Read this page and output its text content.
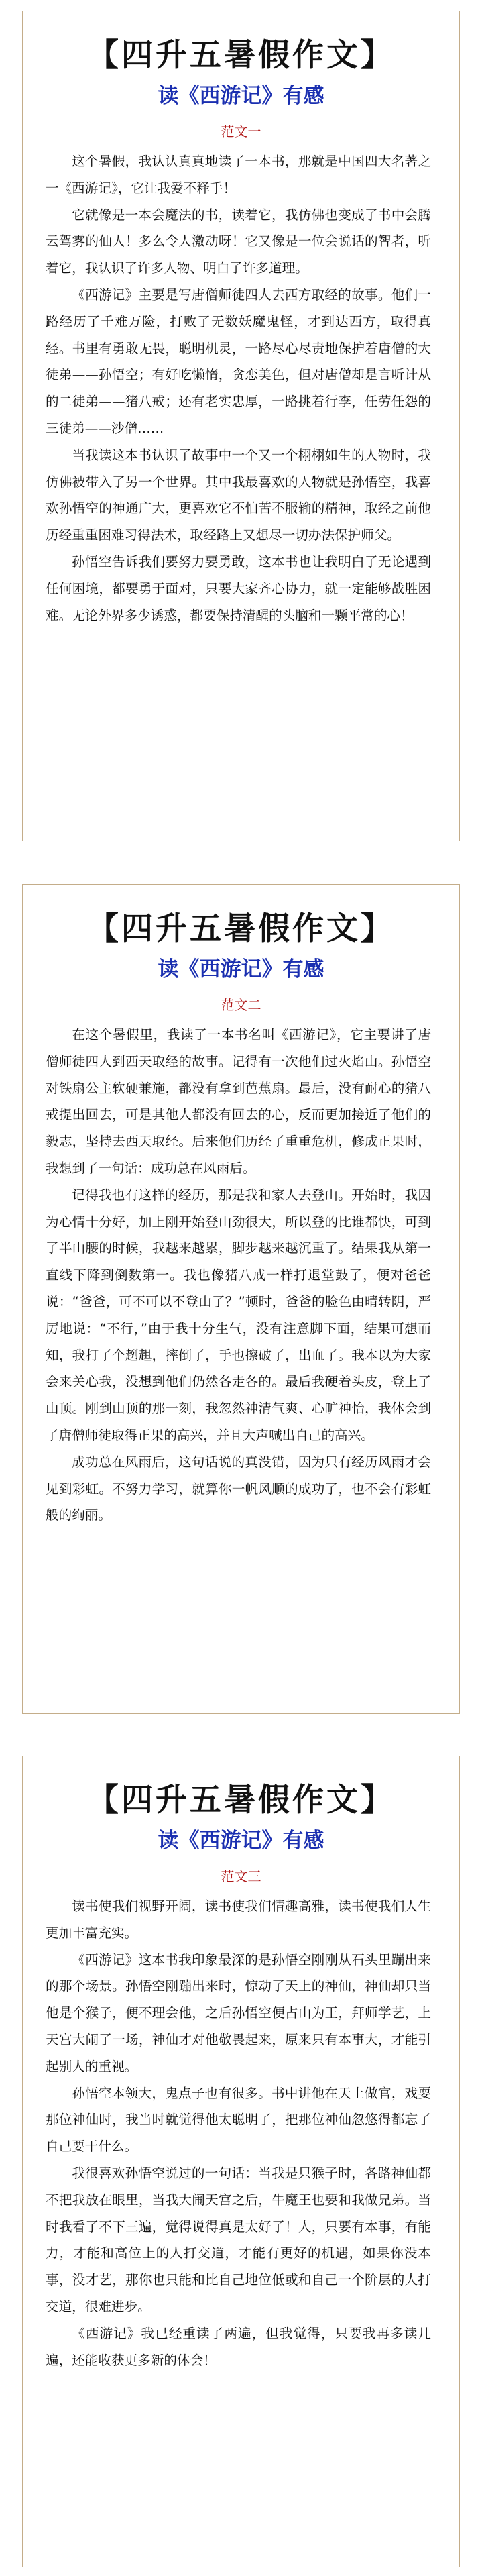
【四升五暑假作文】
读《西游记》有感
范文一

这个暑假，我认认真真地读了一本书，那就是中国四大名著之一《西游记》，它让我爱不释手！

它就像是一本会魔法的书，读着它，我仿佛也变成了书中会腾云驾雾的仙人！多么令人激动呀！它又像是一位会说话的智者，听着它，我认识了许多人物、明白了许多道理。

《西游记》主要是写唐僧师徒四人去西方取经的故事。他们一路经历了千难万险，打败了无数妖魔鬼怪，才到达西方，取得真经。书里有勇敢无畏，聪明机灵，一路尽心尽责地保护着唐僧的大徒弟——孙悟空；有好吃懒惰，贪恋美色，但对唐僧却是言听计从的二徒弟——猪八戒；还有老实忠厚，一路挑着行李，任劳任怨的三徒弟——沙僧……

当我读这本书认识了故事中一个又一个栩栩如生的人物时，我仿佛被带入了另一个世界。其中我最喜欢的人物就是孙悟空，我喜欢孙悟空的神通广大，更喜欢它不怕苦不服输的精神，取经之前他历经重重困难习得法术，取经路上又想尽一切办法保护师父。

孙悟空告诉我们要努力要勇敢，这本书也让我明白了无论遇到任何困境，都要勇于面对，只要大家齐心协力，就一定能够战胜困难。无论外界多少诱惑，都要保持清醒的头脑和一颗平常的心！

【四升五暑假作文】
读《西游记》有感
范文二

在这个暑假里，我读了一本书名叫《西游记》，它主要讲了唐僧师徒四人到西天取经的故事。记得有一次他们过火焰山。孙悟空对铁扇公主软硬兼施，都没有拿到芭蕉扇。最后，没有耐心的猪八戒提出回去，可是其他人都没有回去的心，反而更加接近了他们的毅志，坚持去西天取经。后来他们历经了重重危机，修成正果时，我想到了一句话：成功总在风雨后。

记得我也有这样的经历，那是我和家人去登山。开始时，我因为心情十分好，加上刚开始登山劲很大，所以登的比谁都快，可到了半山腰的时候，我越来越累，脚步越来越沉重了。结果我从第一直线下降到倒数第一。我也像猪八戒一样打退堂鼓了，便对爸爸说：“爸爸，可不可以不登山了？”顿时，爸爸的脸色由晴转阴，严厉地说：“不行，”由于我十分生气，没有注意脚下面，结果可想而知，我打了个趔趄，摔倒了，手也擦破了，出血了。我本以为大家会来关心我，没想到他们仍然各走各的。最后我硬着头皮，登上了山顶。刚到山顶的那一刻，我忽然神清气爽、心旷神怡，我体会到了唐僧师徒取得正果的高兴，并且大声喊出自己的高兴。

成功总在风雨后，这句话说的真没错，因为只有经历风雨才会见到彩虹。不努力学习，就算你一帆风顺的成功了，也不会有彩虹般的绚丽。

【四升五暑假作文】
读《西游记》有感
范文三

读书使我们视野开阔，读书使我们情趣高雅，读书使我们人生更加丰富充实。

《西游记》这本书我印象最深的是孙悟空刚刚从石头里蹦出来的那个场景。孙悟空刚蹦出来时，惊动了天上的神仙，神仙却只当他是个猴子，便不理会他，之后孙悟空便占山为王，拜师学艺，上天宫大闹了一场，神仙才对他敬畏起来，原来只有本事大，才能引起别人的重视。

孙悟空本领大，鬼点子也有很多。书中讲他在天上做官，戏耍那位神仙时，我当时就觉得他太聪明了，把那位神仙忽悠得都忘了自己要干什么。

我很喜欢孙悟空说过的一句话：当我是只猴子时，各路神仙都不把我放在眼里，当我大闹天宫之后，牛魔王也要和我做兄弟。当时我看了不下三遍，觉得说得真是太好了！人，只要有本事，有能力，才能和高位上的人打交道，才能有更好的机遇，如果你没本事，没才艺，那你也只能和比自己地位低或和自己一个阶层的人打交道，很难进步。

《西游记》我已经重读了两遍，但我觉得，只要我再多读几遍，还能收获更多新的体会！
